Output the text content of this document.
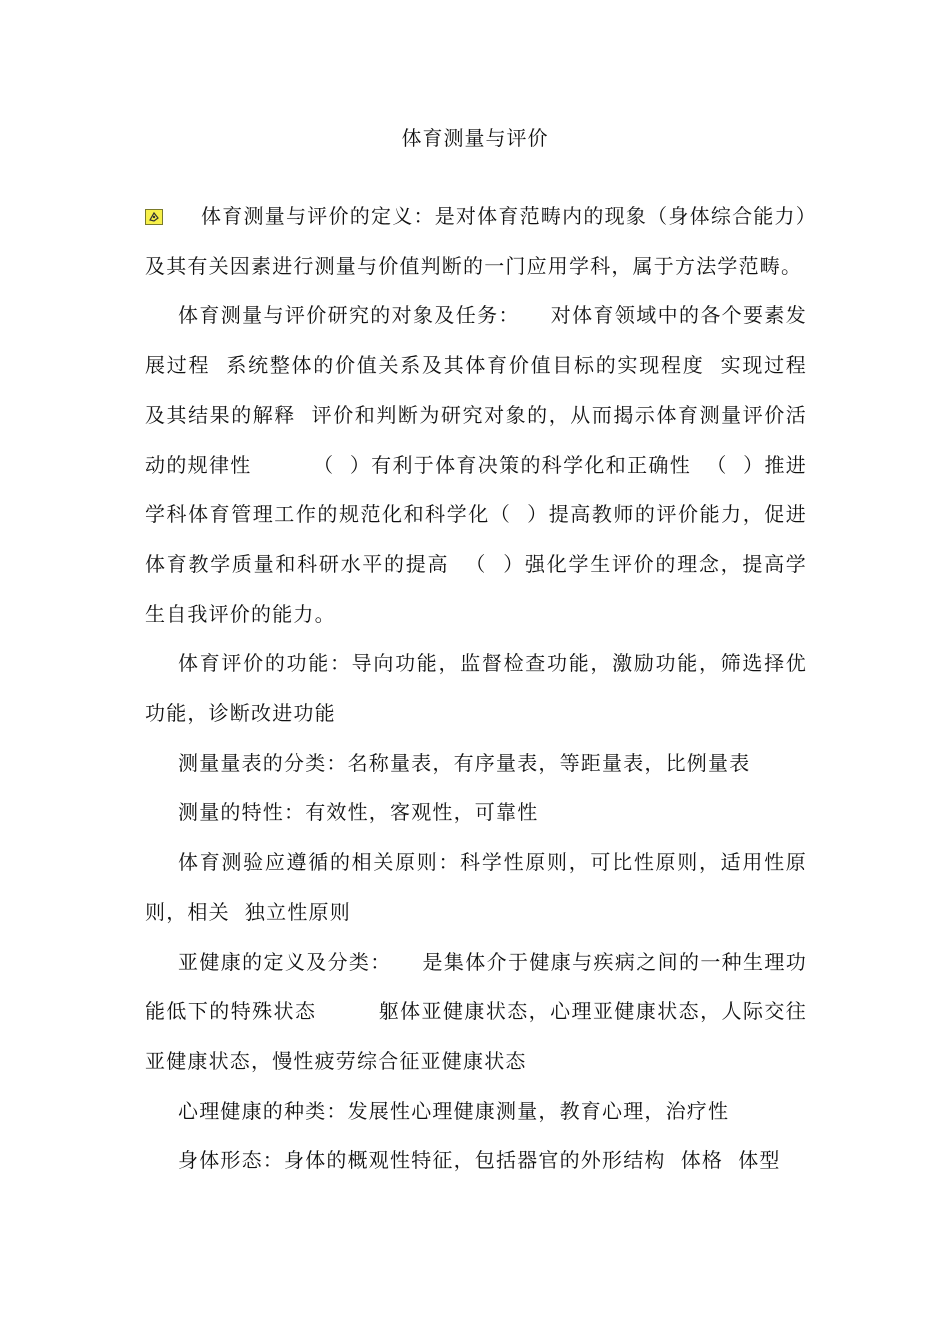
体育测量与评价

体育测量与评价的定义：是对体育范畴内的现象（身体综合能力）及其有关因素进行测量与价值判断的一门应用学科，属于方法学范畴。

体育测量与评价研究的对象及任务：    对体育领域中的各个要素发展过程  系统整体的价值关系及其体育价值目标的实现程度  实现过程及其结果的解释  评价和判断为研究对象的，从而揭示体育测量评价活动的规律性        （  ）有利于体育决策的科学化和正确性  （  ）推进学科体育管理工作的规范化和科学化（  ）提高教师的评价能力，促进体育教学质量和科研水平的提高  （  ）强化学生评价的理念，提高学生自我评价的能力。

体育评价的功能：导向功能，监督检查功能，激励功能，筛选择优功能，诊断改进功能

测量量表的分类：名称量表，有序量表，等距量表，比例量表

测量的特性：有效性，客观性，可靠性

体育测验应遵循的相关原则：科学性原则，可比性原则，适用性原则，相关  独立性原则

亚健康的定义及分类：    是集体介于健康与疾病之间的一种生理功能低下的特殊状态        躯体亚健康状态，心理亚健康状态，人际交往亚健康状态，慢性疲劳综合征亚健康状态

心理健康的种类：发展性心理健康测量，教育心理，治疗性

身体形态：身体的概观性特征，包括器官的外形结构  体格  体型
